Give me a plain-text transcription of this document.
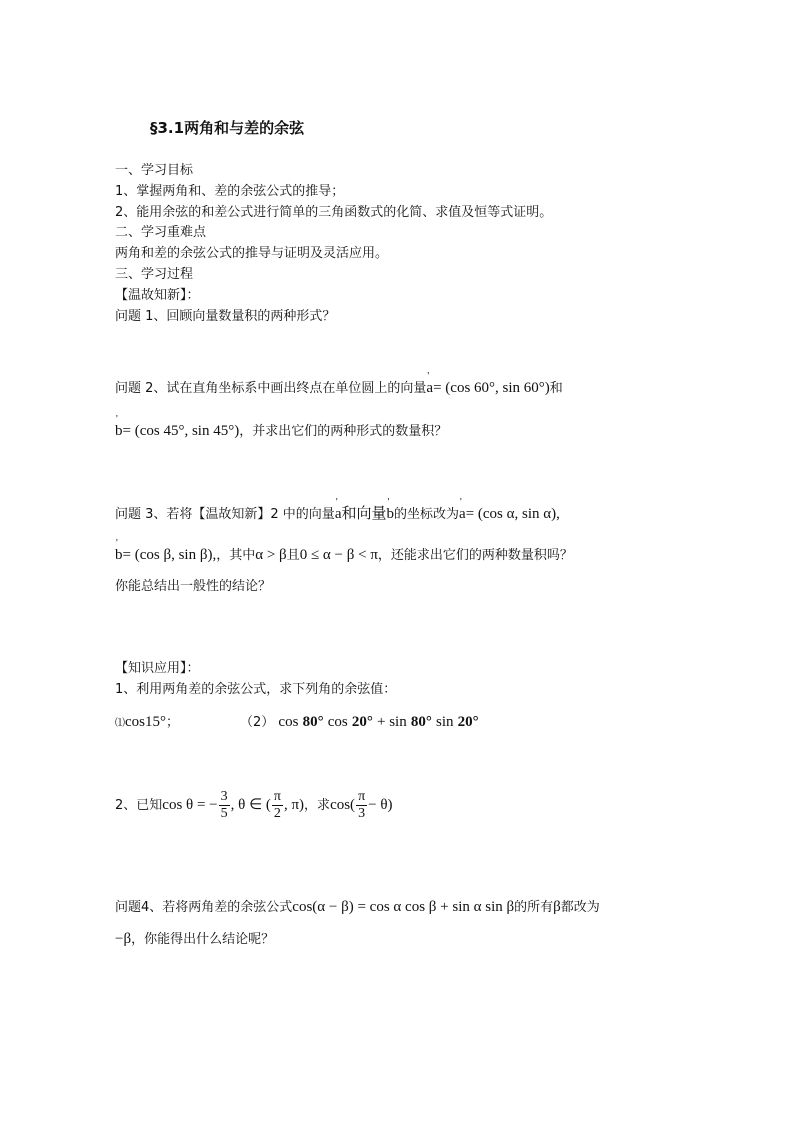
§3.1两角和与差的余弦
一、学习目标
1、掌握两角和、差的余弦公式的推导；
2、能用余弦的和差公式进行简单的三角函数式的化简、求值及恒等式证明。
二、学习重难点
两角和差的余弦公式的推导与证明及灵活应用。
三、学习过程
【温故知新】：
问题 1、回顾向量数量积的两种形式？
问题 2、试在直角坐标系中画出终点在单位圆上的向量' a= (cos 60°, sin 60°)和
' b= (cos 45°, sin 45°)，并求出它们的两种形式的数量积？
问题 3、若将【温故知新】2 中的向量' a和向量' b的坐标改为' a= (cos α, sin α),
' b= (cos β, sin β),，其中α > β且0 ≤ α − β < π，还能求出它们的两种数量积吗？
你能总结出一般性的结论？
【知识应用】：
1、利用两角差的余弦公式，求下列角的余弦值：
⑴cos15°；	（2） cos 80° cos 20° + sin 80° sin 20°
2、已知cos θ = − $\frac{3}{5}$ , θ ∈ ( $\frac{\pi}{2}$ , π)，求$\cos( \frac{\pi}{3} - \theta)$
问题4、若将两角差的余弦公式cos(α − β) = cos α cos β + sin α sin β的所有β都改为
−β，你能得出什么结论呢？
